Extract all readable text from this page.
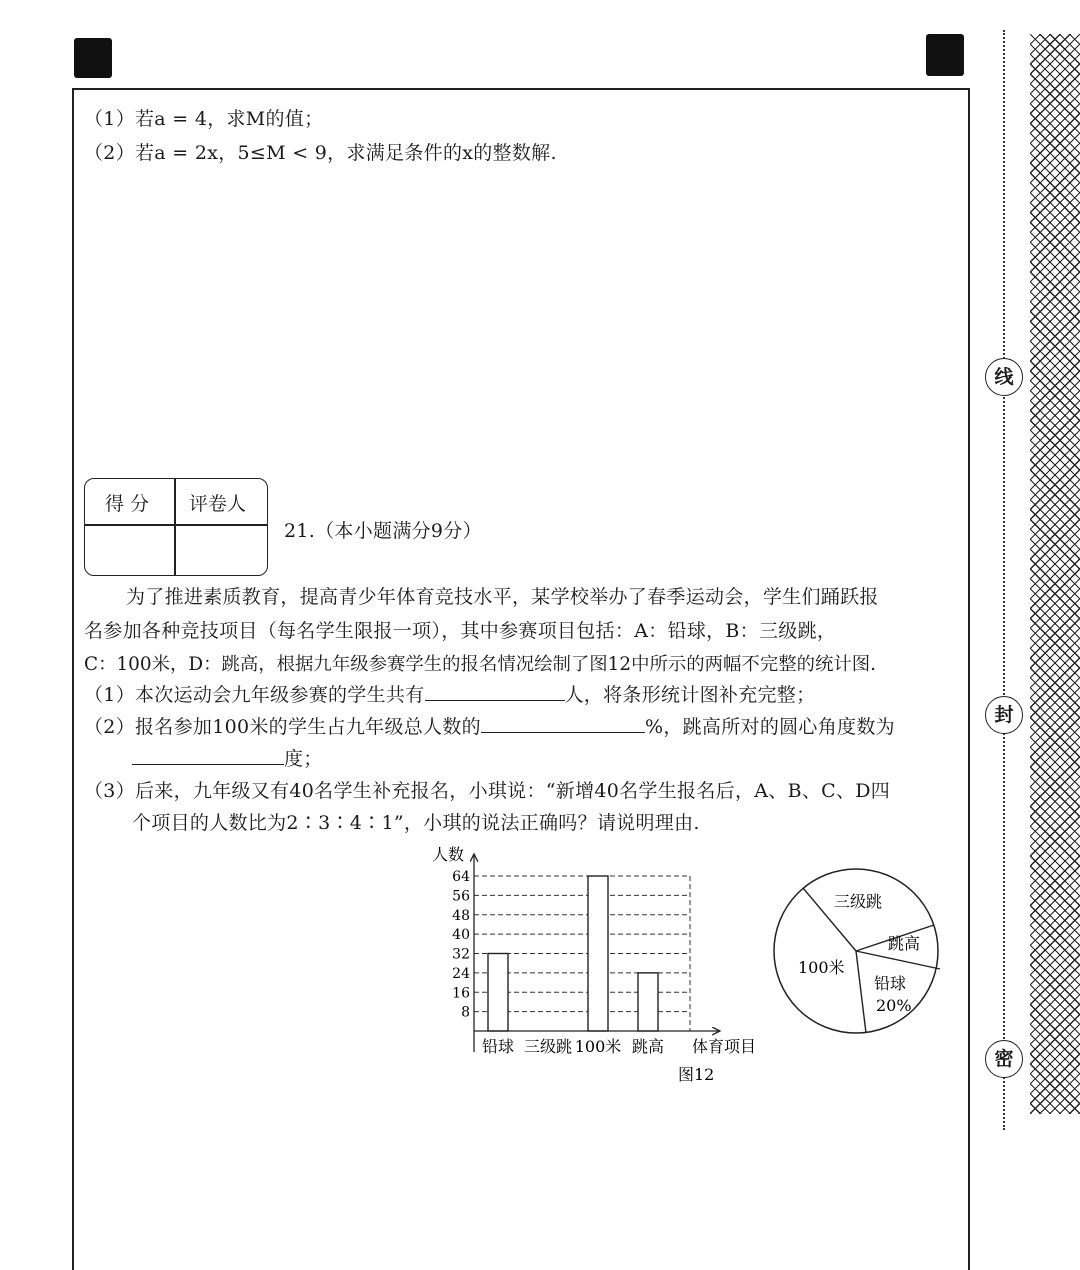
（1）若a = 4，求M的值；
（2）若a = 2x，5≤M < 9，求满足条件的x的整数解.
得 分 评卷人
21.（本小题满分9分）
为了推进素质教育，提高青少年体育竞技水平，某学校举办了春季运动会，学生们踊跃报
名参加各种竞技项目（每名学生限报一项），其中参赛项目包括：A：铅球，B：三级跳，
C：100米，D：跳高，根据九年级参赛学生的报名情况绘制了图12中所示的两幅不完整的统计图.
（1）本次运动会九年级参赛的学生共有	人，将条形统计图补充完整；
（2）报名参加100米的学生占九年级总人数的	%，跳高所对的圆心角度数为
度；
（3）后来，九年级又有40名学生补充报名，小琪说：“新增40名学生报名后，A、B、C、D四
个项目的人数比为2∶3∶4∶1”，小琪的说法正确吗？请说明理由.
8
16
24
32
40
48
56
64
铅球 三级跳 100米 跳高
人数
体育项目
图12
三级跳
跳高
铅球
20%
100米
线
封
密
